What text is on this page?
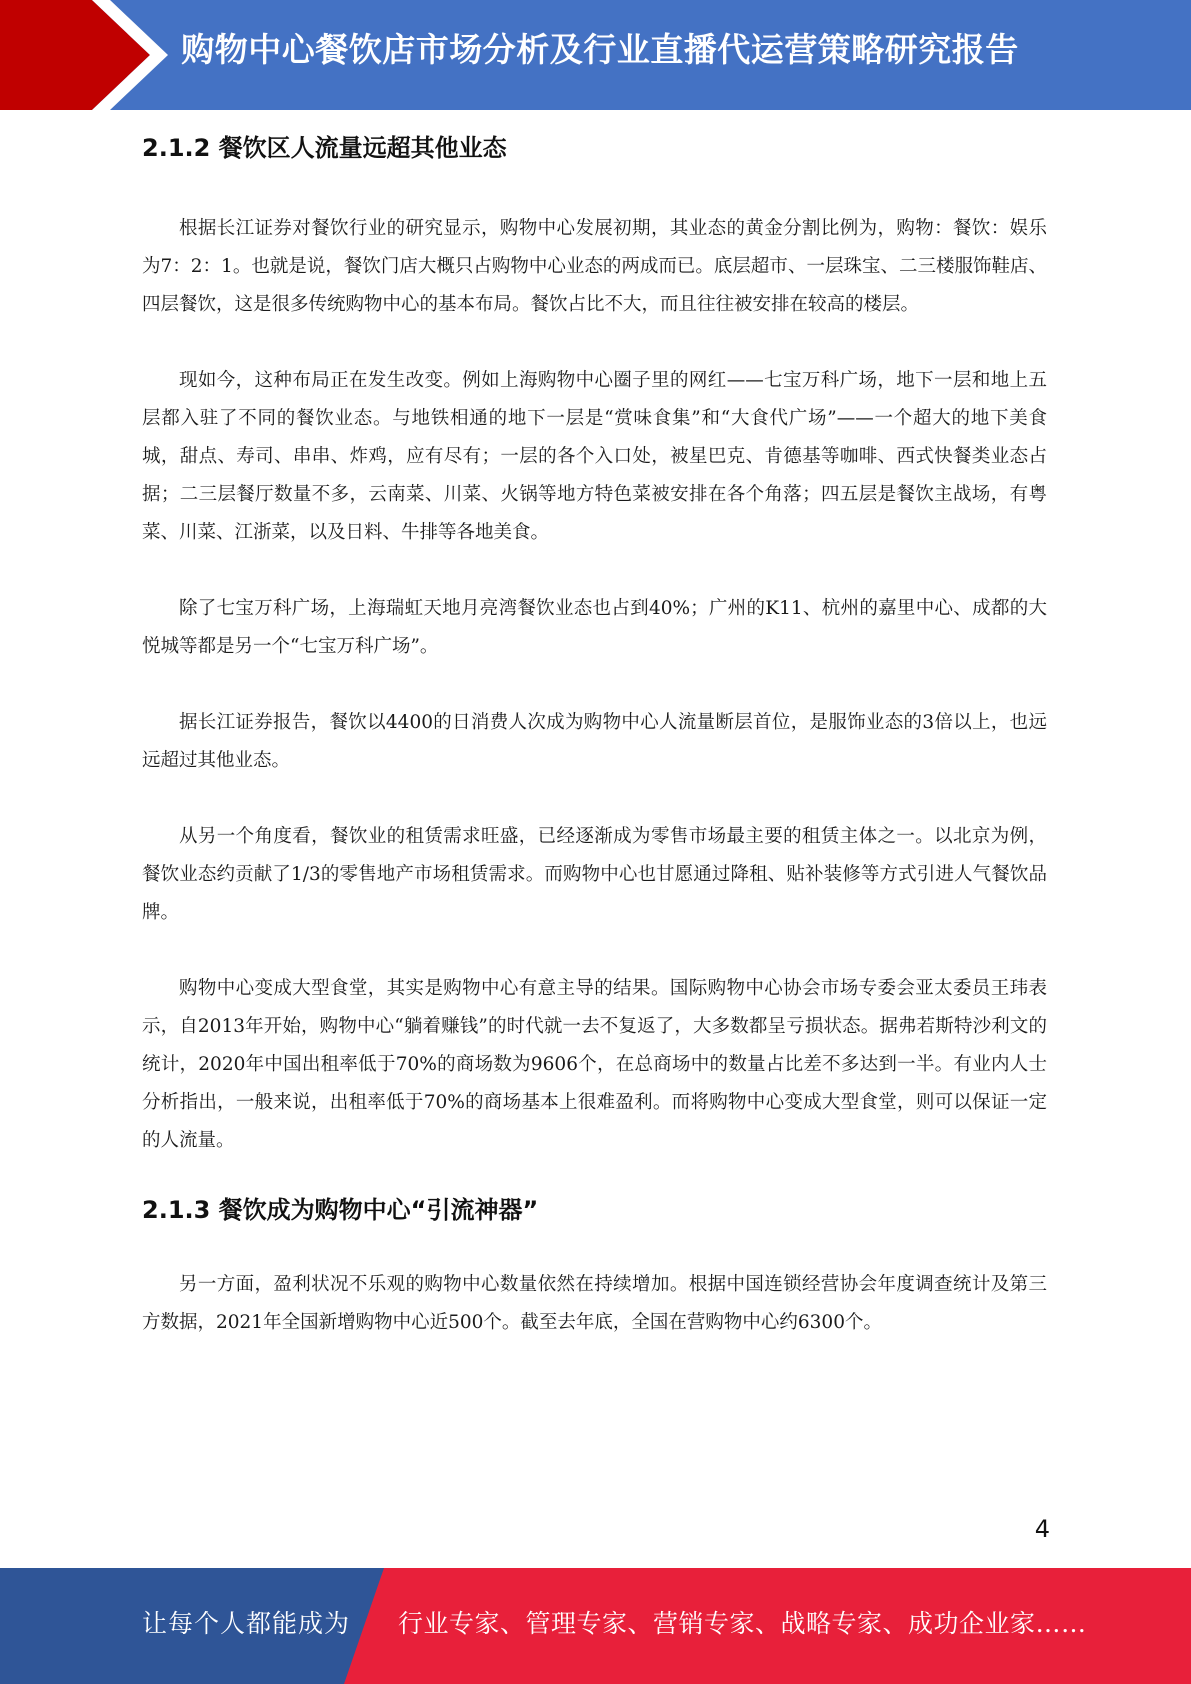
购物中心餐饮店市场分析及行业直播代运营策略研究报告
2.1.2 餐饮区人流量远超其他业态

根据长江证券对餐饮行业的研究显示，购物中心发展初期，其业态的黄金分割比例为，购物：餐饮：娱乐为7：2：1。也就是说，餐饮门店大概只占购物中心业态的两成而已。底层超市、一层珠宝、二三楼服饰鞋店、四层餐饮，这是很多传统购物中心的基本布局。餐饮占比不大，而且往往被安排在较高的楼层。

现如今，这种布局正在发生改变。例如上海购物中心圈子里的网红——七宝万科广场，地下一层和地上五层都入驻了不同的餐饮业态。与地铁相通的地下一层是“赏味食集”和“大食代广场”——一个超大的地下美食城，甜点、寿司、串串、炸鸡，应有尽有；一层的各个入口处，被星巴克、肯德基等咖啡、西式快餐类业态占据；二三层餐厅数量不多，云南菜、川菜、火锅等地方特色菜被安排在各个角落；四五层是餐饮主战场，有粤菜、川菜、江浙菜，以及日料、牛排等各地美食。

除了七宝万科广场，上海瑞虹天地月亮湾餐饮业态也占到40%；广州的K11、杭州的嘉里中心、成都的大悦城等都是另一个“七宝万科广场”。

据长江证券报告，餐饮以4400的日消费人次成为购物中心人流量断层首位，是服饰业态的3倍以上，也远远超过其他业态。

从另一个角度看，餐饮业的租赁需求旺盛，已经逐渐成为零售市场最主要的租赁主体之一。以北京为例，餐饮业态约贡献了1/3的零售地产市场租赁需求。而购物中心也甘愿通过降租、贴补装修等方式引进人气餐饮品牌。

购物中心变成大型食堂，其实是购物中心有意主导的结果。国际购物中心协会市场专委会亚太委员王玮表示，自2013年开始，购物中心“躺着赚钱”的时代就一去不复返了，大多数都呈亏损状态。据弗若斯特沙利文的统计，2020年中国出租率低于70%的商场数为9606个，在总商场中的数量占比差不多达到一半。有业内人士分析指出，一般来说，出租率低于70%的商场基本上很难盈利。而将购物中心变成大型食堂，则可以保证一定的人流量。

2.1.3 餐饮成为购物中心“引流神器”

另一方面，盈利状况不乐观的购物中心数量依然在持续增加。根据中国连锁经营协会年度调查统计及第三方数据，2021年全国新增购物中心近500个。截至去年底，全国在营购物中心约6300个。

4
让每个人都能成为 行业专家、管理专家、营销专家、战略专家、成功企业家……
